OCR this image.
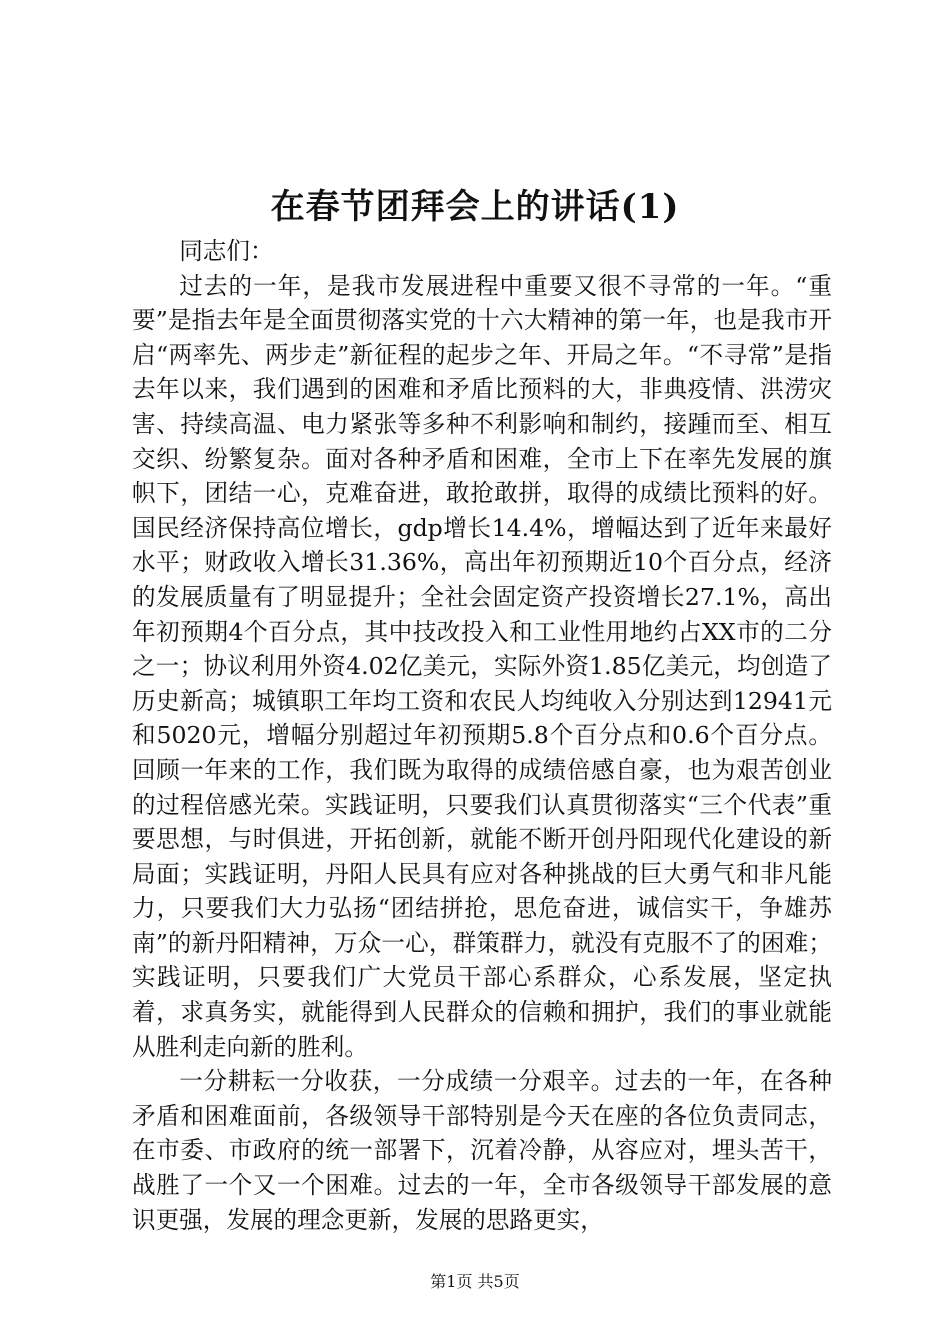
在春节团拜会上的讲话(1)

同志们：

过去的一年，是我市发展进程中重要又很不寻常的一年。“重要”是指去年是全面贯彻落实党的十六大精神的第一年，也是我市开启“两率先、两步走”新征程的起步之年、开局之年。“不寻常”是指去年以来，我们遇到的困难和矛盾比预料的大，非典疫情、洪涝灾害、持续高温、电力紧张等多种不利影响和制约，接踵而至、相互交织、纷繁复杂。面对各种矛盾和困难，全市上下在率先发展的旗帜下，团结一心，克难奋进，敢抢敢拼，取得的成绩比预料的好。国民经济保持高位增长，gdp增长14.4%，增幅达到了近年来最好水平；财政收入增长31.36%，高出年初预期近10个百分点，经济的发展质量有了明显提升；全社会固定资产投资增长27.1%，高出年初预期4个百分点，其中技改投入和工业性用地约占XX市的二分之一；协议利用外资4.02亿美元，实际外资1.85亿美元，均创造了历史新高；城镇职工年均工资和农民人均纯收入分别达到12941元和5020元，增幅分别超过年初预期5.8个百分点和0.6个百分点。回顾一年来的工作，我们既为取得的成绩倍感自豪，也为艰苦创业的过程倍感光荣。实践证明，只要我们认真贯彻落实“三个代表”重要思想，与时俱进，开拓创新，就能不断开创丹阳现代化建设的新局面；实践证明，丹阳人民具有应对各种挑战的巨大勇气和非凡能力，只要我们大力弘扬“团结拼抢，思危奋进，诚信实干，争雄苏南”的新丹阳精神，万众一心，群策群力，就没有克服不了的困难；实践证明，只要我们广大党员干部心系群众，心系发展，坚定执着，求真务实，就能得到人民群众的信赖和拥护，我们的事业就能从胜利走向新的胜利。

一分耕耘一分收获，一分成绩一分艰辛。过去的一年，在各种矛盾和困难面前，各级领导干部特别是今天在座的各位负责同志，在市委、市政府的统一部署下，沉着冷静，从容应对，埋头苦干，战胜了一个又一个困难。过去的一年，全市各级领导干部发展的意识更强，发展的理念更新，发展的思路更实，

第1页 共5页
